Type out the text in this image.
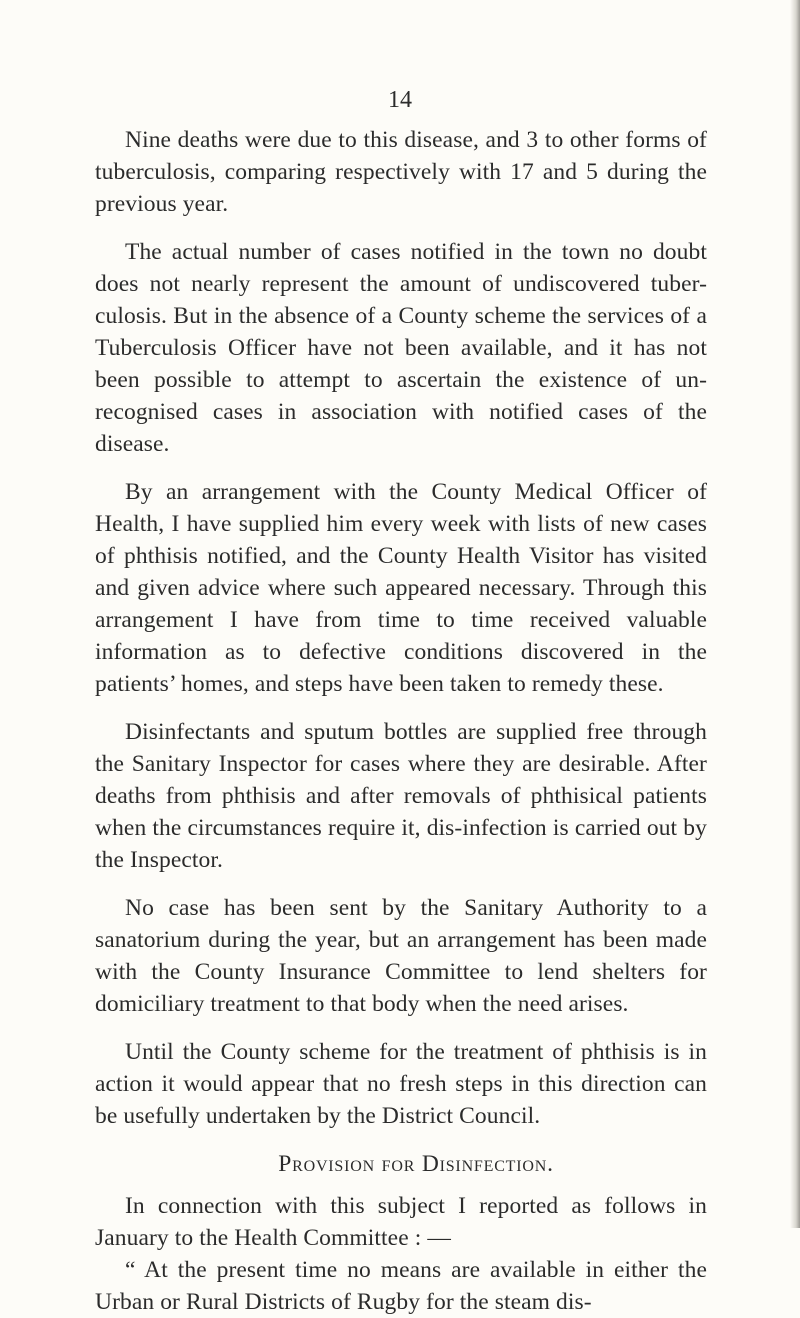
14

Nine deaths were due to this disease, and 3 to other forms of tuberculosis, comparing respectively with 17 and 5 during the previous year.

The actual number of cases notified in the town no doubt does not nearly represent the amount of undiscovered tuber-culosis. But in the absence of a County scheme the services of a Tuberculosis Officer have not been available, and it has not been possible to attempt to ascertain the existence of un-recognised cases in association with notified cases of the disease.

By an arrangement with the County Medical Officer of Health, I have supplied him every week with lists of new cases of phthisis notified, and the County Health Visitor has visited and given advice where such appeared necessary. Through this arrangement I have from time to time received valuable information as to defective conditions discovered in the patients’ homes, and steps have been taken to remedy these.

Disinfectants and sputum bottles are supplied free through the Sanitary Inspector for cases where they are desirable. After deaths from phthisis and after removals of phthisical patients when the circumstances require it, dis-infection is carried out by the Inspector.

No case has been sent by the Sanitary Authority to a sanatorium during the year, but an arrangement has been made with the County Insurance Committee to lend shelters for domiciliary treatment to that body when the need arises.

Until the County scheme for the treatment of phthisis is in action it would appear that no fresh steps in this direction can be usefully undertaken by the District Council.

Provision for Disinfection.

In connection with this subject I reported as follows in January to the Health Committee : —

“ At the present time no means are available in either the Urban or Rural Districts of Rugby for the steam dis-
